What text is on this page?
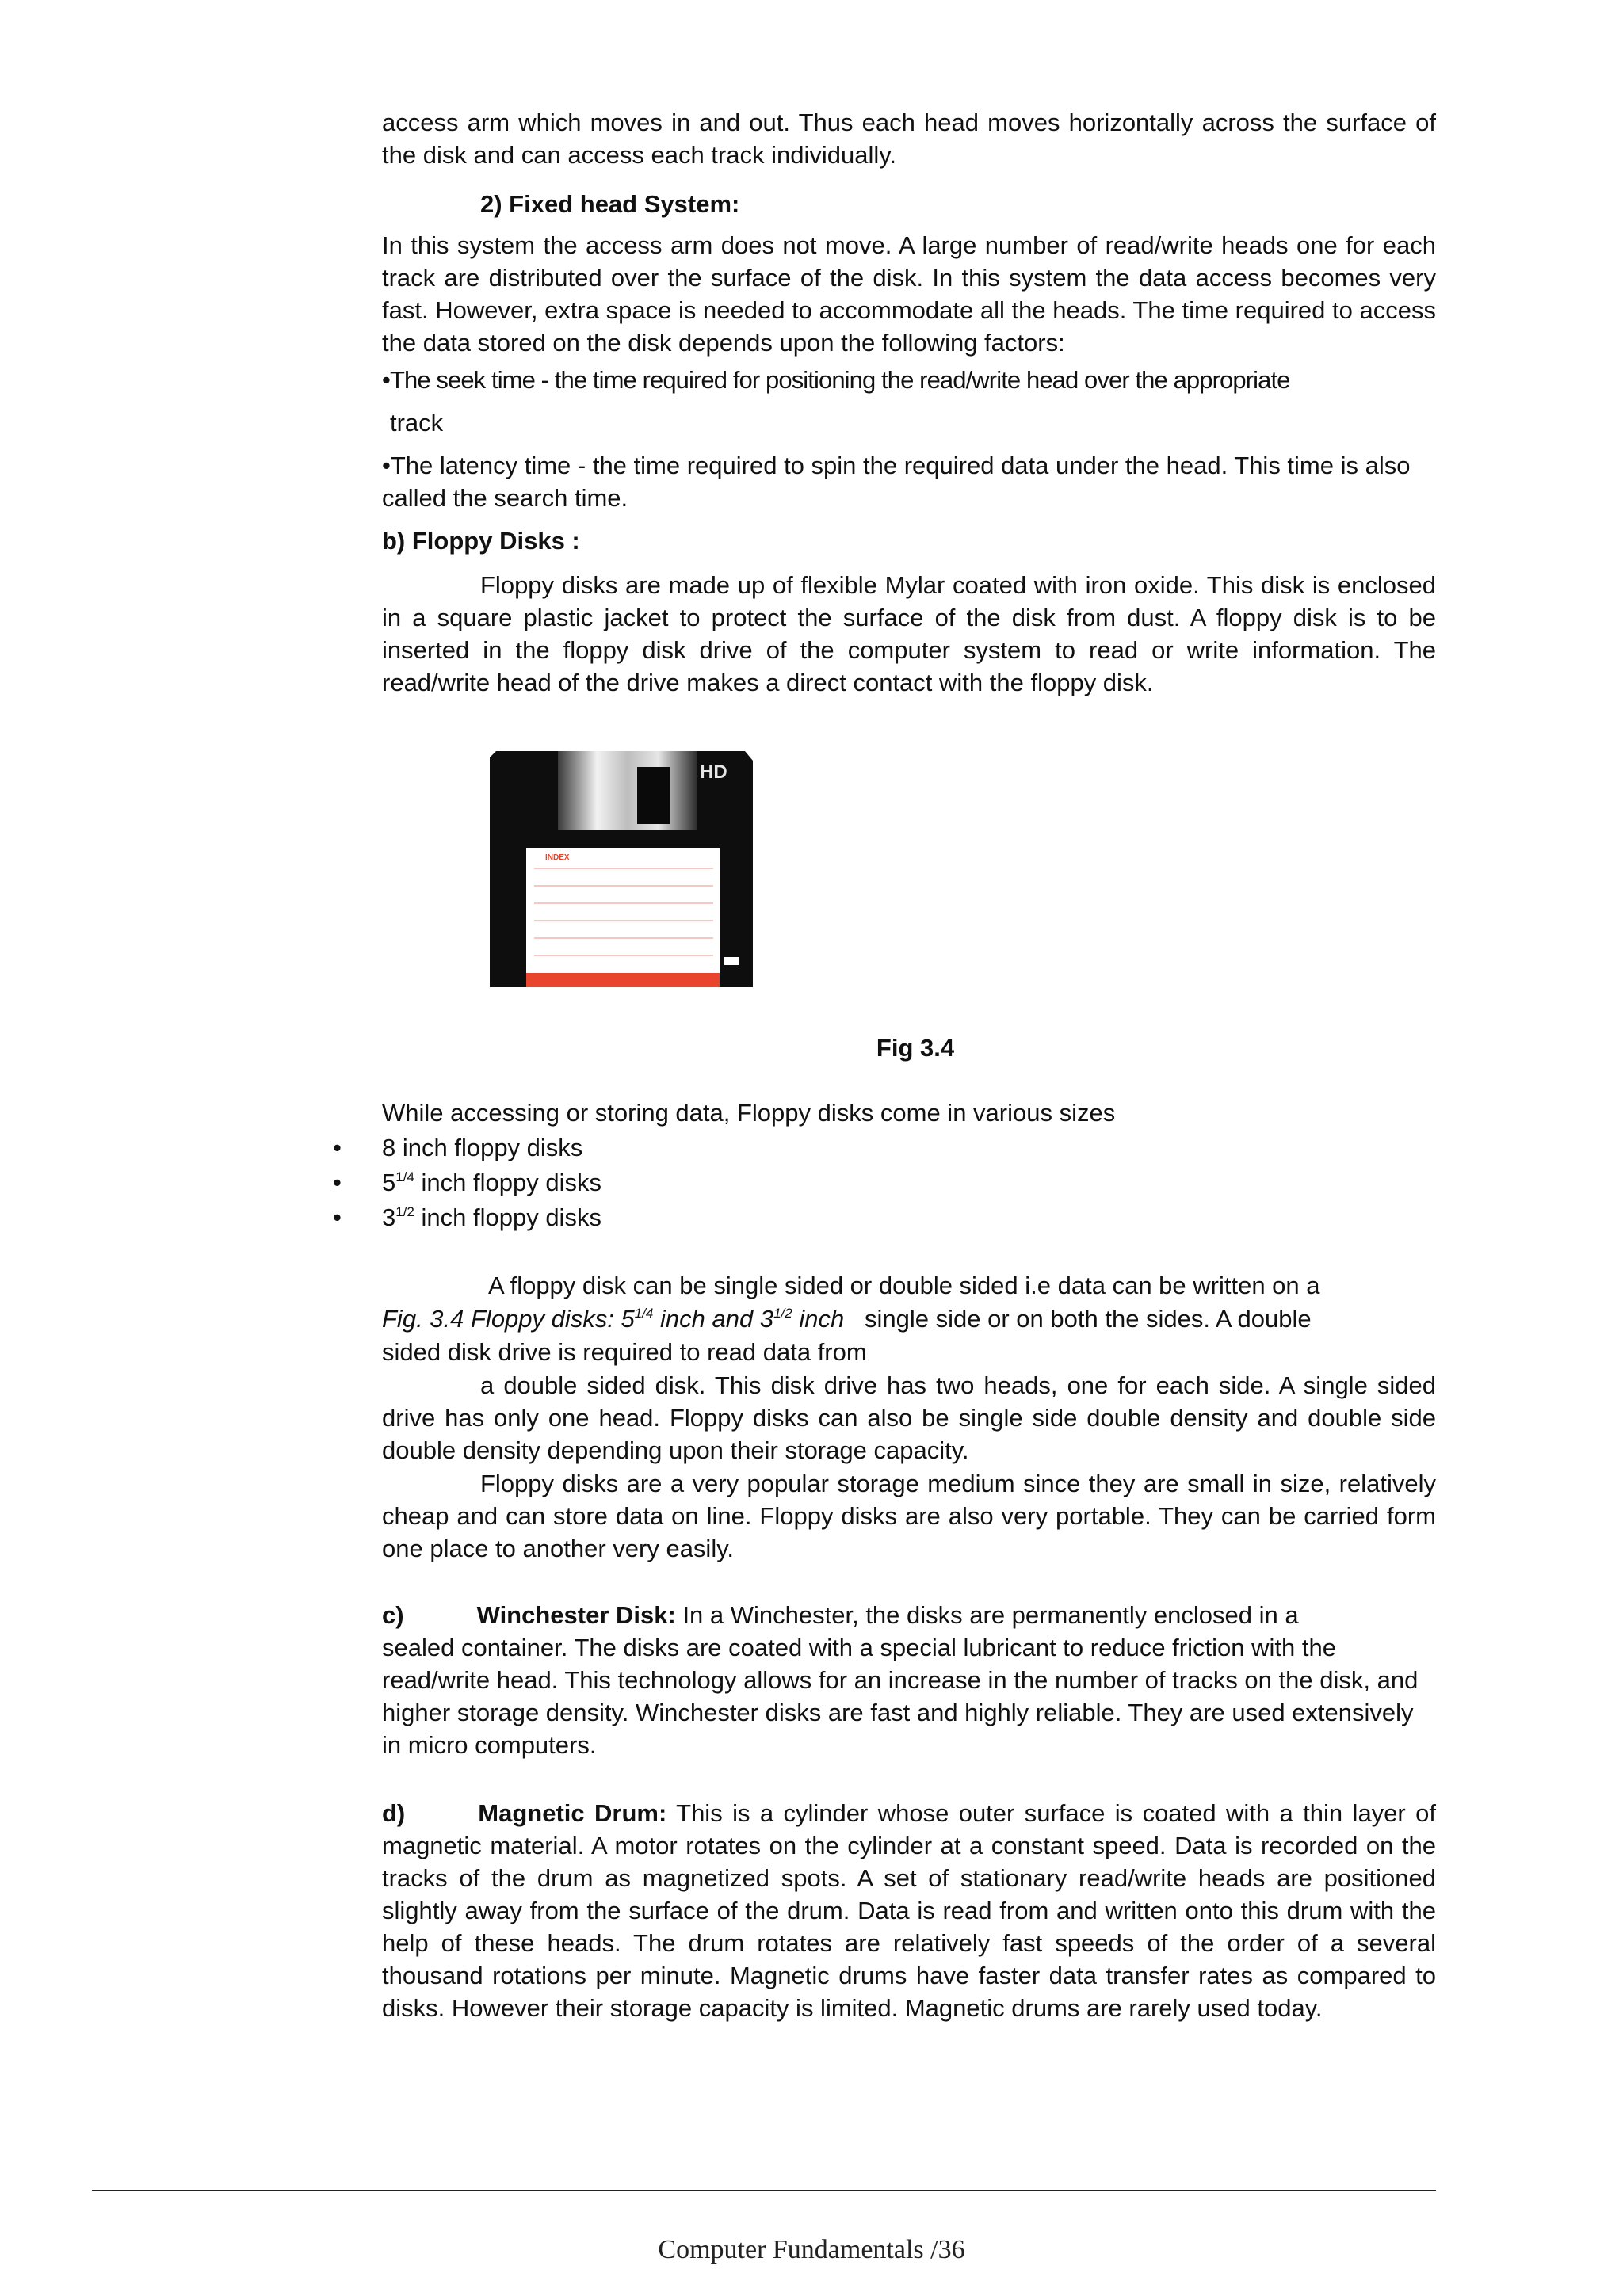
access arm which moves in and out. Thus each head moves horizontally across the surface of the disk and can access each track individually.

2) Fixed head System:

In this system the access arm does not move. A large number of read/write heads one for each track are distributed over the surface of the disk. In this system the data access becomes very fast. However, extra space is needed to accommodate all the heads. The time required to access the data stored on the disk depends upon the following factors:

•The seek time - the time required for positioning the read/write head over the appropriate

track

•The latency time - the time required to spin the required data under the head. This time is also called the search time.

b) Floppy Disks :

Floppy disks are made up of flexible Mylar coated with iron oxide. This disk is enclosed in a square plastic jacket to protect the surface of the disk from dust. A floppy disk is to be inserted in the floppy disk drive of the computer system to read or write information. The read/write head of the drive makes a direct contact with the floppy disk.

HD
INDEX

Fig 3.4

While accessing or storing data, Floppy disks come in various sizes

• 8 inch floppy disks
• $5^{1/4}$ inch floppy disks
• $3^{1/2}$ inch floppy disks

A floppy disk can be single sided or double sided i.e data can be written on a

Fig. 3.4 Floppy disks: $5^{1/4}$ inch and $3^{1/2}$ inch single side or on both the sides. A double

sided disk drive is required to read data from

a double sided disk. This disk drive has two heads, one for each side. A single sided drive has only one head. Floppy disks can also be single side double density and double side double density depending upon their storage capacity.

Floppy disks are a very popular storage medium since they are small in size, relatively cheap and can store data on line. Floppy disks are also very portable. They can be carried form one place to another very easily.

c)	Winchester Disk: In a Winchester, the disks are permanently enclosed in a
sealed container. The disks are coated with a special lubricant to reduce friction with the read/write head. This technology allows for an increase in the number of tracks on the disk, and higher storage density. Winchester disks are fast and highly reliable. They are used extensively in micro computers.

d)	Magnetic Drum: This is a cylinder whose outer surface is coated with a thin layer of magnetic material. A motor rotates on the cylinder at a constant speed. Data is recorded on the tracks of the drum as magnetized spots. A set of stationary read/write heads are positioned slightly away from the surface of the drum. Data is read from and written onto this drum with the help of these heads. The drum rotates are relatively fast speeds of the order of a several thousand rotations per minute. Magnetic drums have faster data transfer rates as compared to disks. However their storage capacity is limited. Magnetic drums are rarely used today.

Computer Fundamentals /36
